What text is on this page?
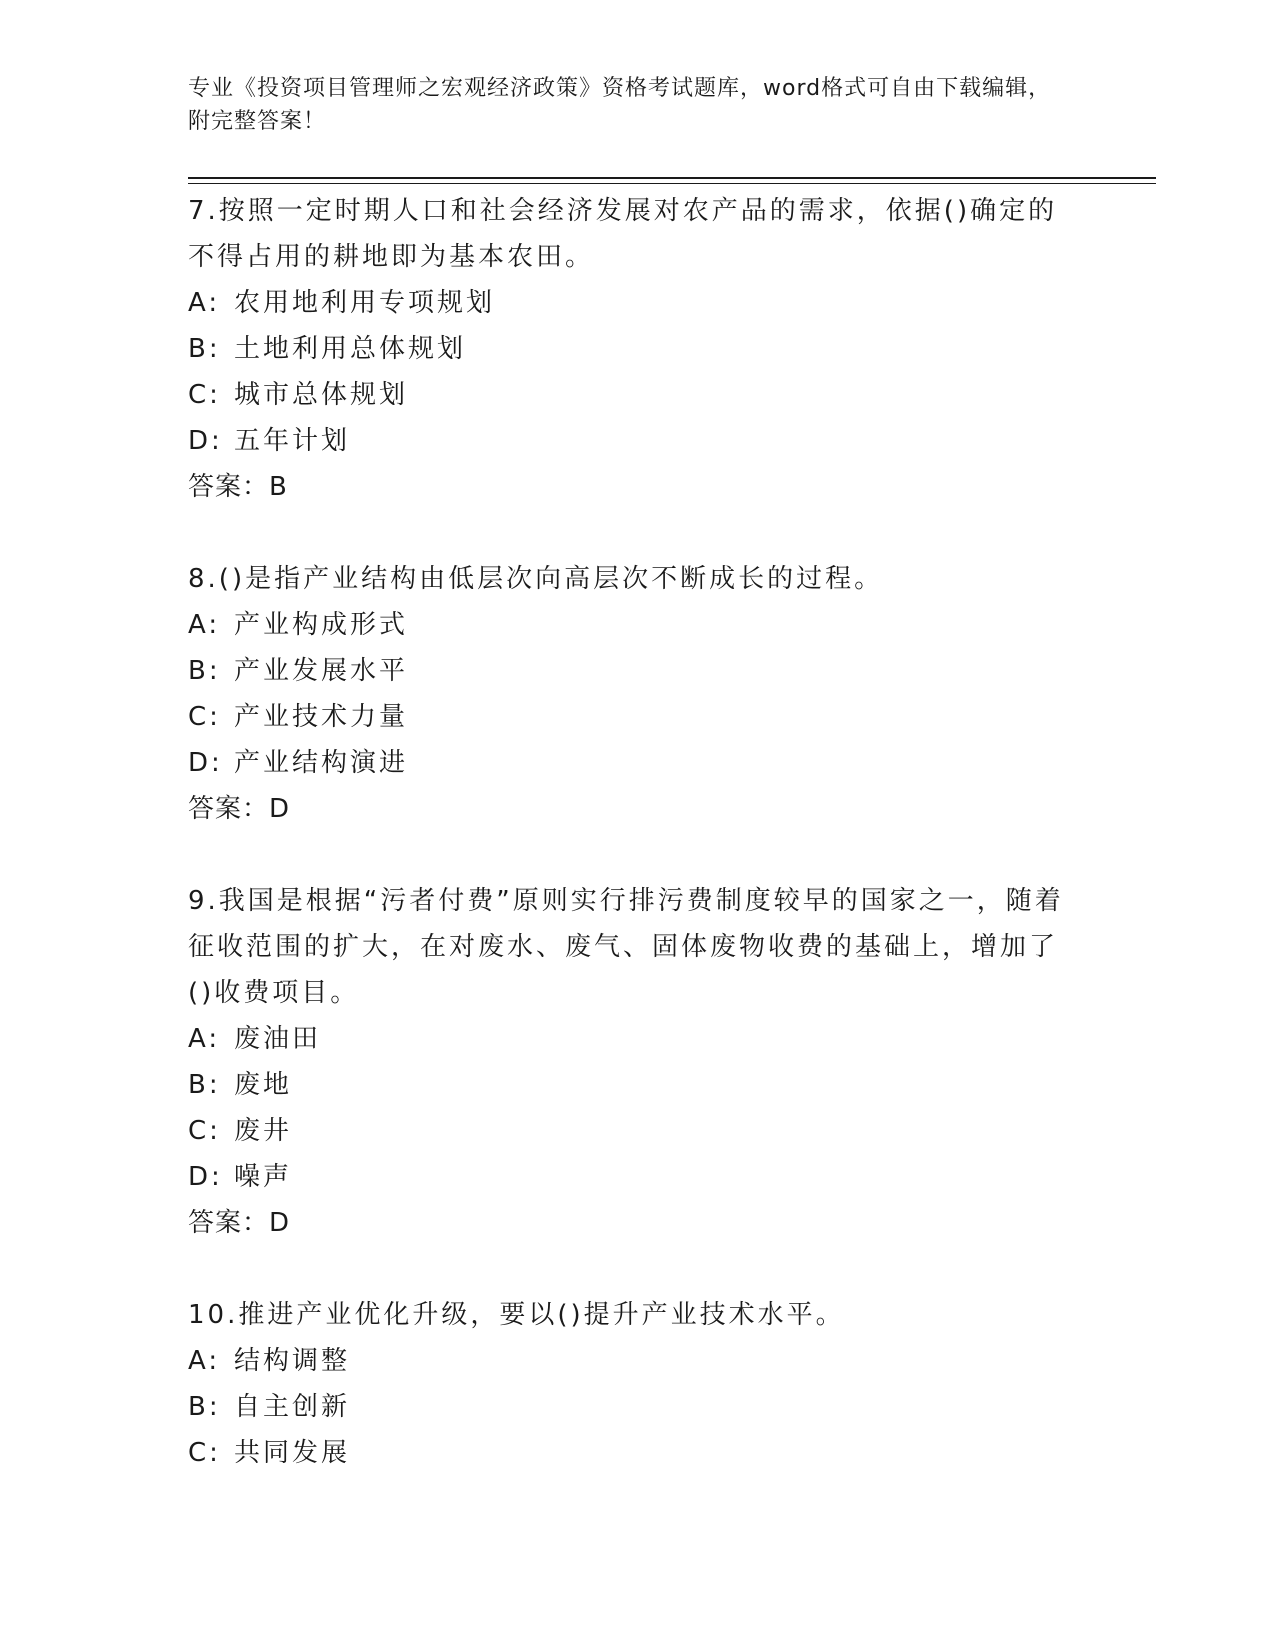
专业《投资项目管理师之宏观经济政策》资格考试题库，word格式可自由下载编辑，附完整答案！

7.按照一定时期人口和社会经济发展对农产品的需求，依据()确定的不得占用的耕地即为基本农田。

A: 农用地利用专项规划

B: 土地利用总体规划

C: 城市总体规划

D: 五年计划

答案：B

8.()是指产业结构由低层次向高层次不断成长的过程。

A: 产业构成形式

B: 产业发展水平

C: 产业技术力量

D: 产业结构演进

答案：D

9.我国是根据“污者付费”原则实行排污费制度较早的国家之一，随着征收范围的扩大，在对废水、废气、固体废物收费的基础上，增加了()收费项目。

A: 废油田

B: 废地

C: 废井

D: 噪声

答案：D

10.推进产业优化升级，要以()提升产业技术水平。

A: 结构调整

B: 自主创新

C: 共同发展
